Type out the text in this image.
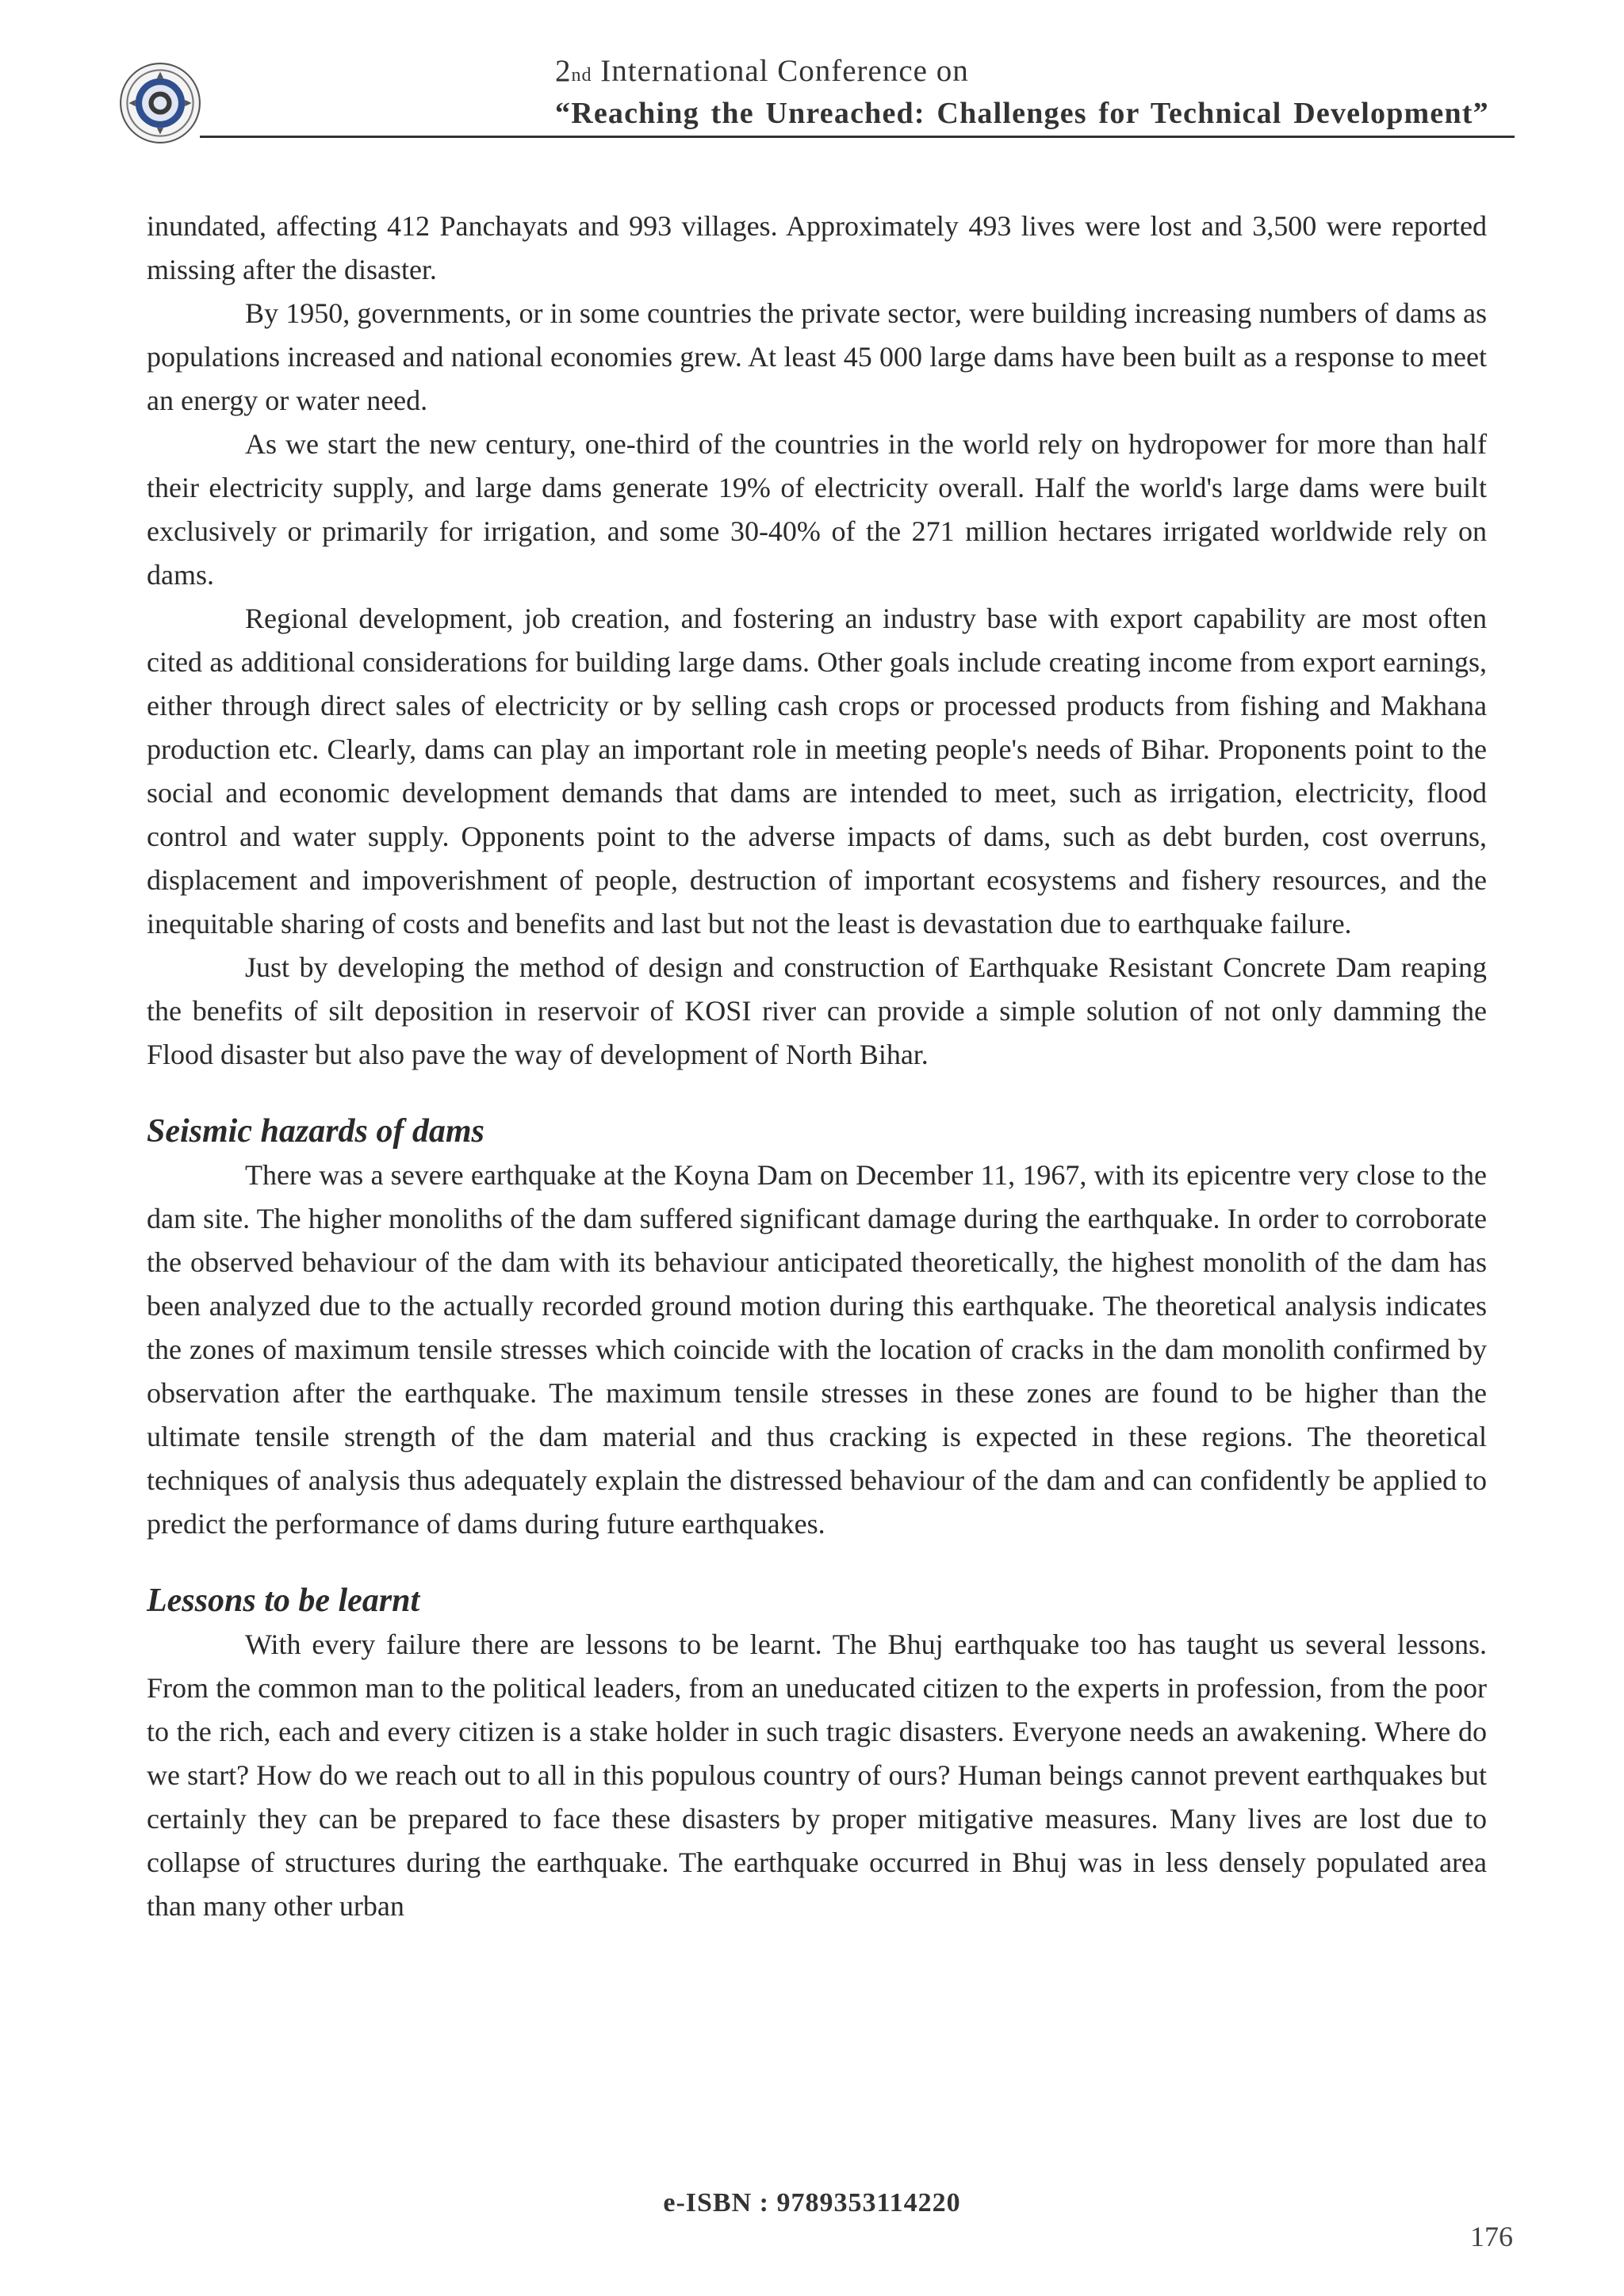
2nd International Conference on
“Reaching the Unreached: Challenges for Technical Development”

inundated, affecting 412 Panchayats and 993 villages. Approximately 493 lives were lost and 3,500 were reported missing after the disaster.

By 1950, governments, or in some countries the private sector, were building increasing numbers of dams as populations increased and national economies grew. At least 45 000 large dams have been built as a response to meet an energy or water need.

As we start the new century, one-third of the countries in the world rely on hydropower for more than half their electricity supply, and large dams generate 19% of electricity overall. Half the world's large dams were built exclusively or primarily for irrigation, and some 30-40% of the 271 million hectares irrigated worldwide rely on dams.

Regional development, job creation, and fostering an industry base with export capability are most often cited as additional considerations for building large dams. Other goals include creating income from export earnings, either through direct sales of electricity or by selling cash crops or processed products from fishing and Makhana production etc. Clearly, dams can play an important role in meeting people's needs of Bihar. Proponents point to the social and economic development demands that dams are intended to meet, such as irrigation, electricity, flood control and water supply. Opponents point to the adverse impacts of dams, such as debt burden, cost overruns, displacement and impoverishment of people, destruction of important ecosystems and fishery resources, and the inequitable sharing of costs and benefits and last but not the least is devastation due to earthquake failure.

Just by developing the method of design and construction of Earthquake Resistant Concrete Dam reaping the benefits of silt deposition in reservoir of KOSI river can provide a simple solution of not only damming the Flood disaster but also pave the way of development of North Bihar.

Seismic hazards of dams

There was a severe earthquake at the Koyna Dam on December 11, 1967, with its epicentre very close to the dam site. The higher monoliths of the dam suffered significant damage during the earthquake. In order to corroborate the observed behaviour of the dam with its behaviour anticipated theoretically, the highest monolith of the dam has been analyzed due to the actually recorded ground motion during this earthquake. The theoretical analysis indicates the zones of maximum tensile stresses which coincide with the location of cracks in the dam monolith confirmed by observation after the earthquake. The maximum tensile stresses in these zones are found to be higher than the ultimate tensile strength of the dam material and thus cracking is expected in these regions. The theoretical techniques of analysis thus adequately explain the distressed behaviour of the dam and can confidently be applied to predict the performance of dams during future earthquakes.

Lessons to be learnt

With every failure there are lessons to be learnt. The Bhuj earthquake too has taught us several lessons. From the common man to the political leaders, from an uneducated citizen to the experts in profession, from the poor to the rich, each and every citizen is a stake holder in such tragic disasters. Everyone needs an awakening. Where do we start? How do we reach out to all in this populous country of ours? Human beings cannot prevent earthquakes but certainly they can be prepared to face these disasters by proper mitigative measures. Many lives are lost due to collapse of structures during the earthquake. The earthquake occurred in Bhuj was in less densely populated area than many other urban

e-ISBN : 9789353114220
176
